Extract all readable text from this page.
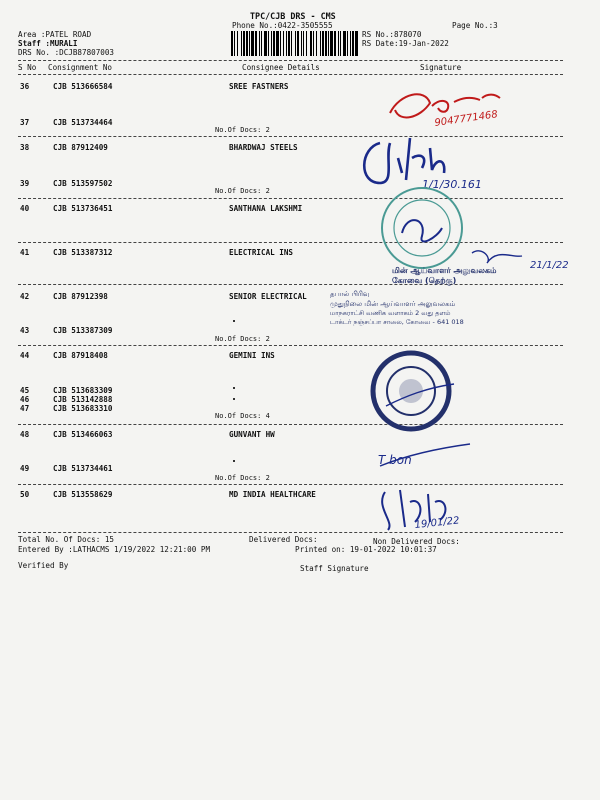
TPC/CJB DRS - CMS
Phone No.:0422-3505555	Page No.:3
Area :PATEL ROAD
Staff :MURALI
DRS No. :DCJB87807003
RS No.:878070
RS Date:19-Jan-2022
S No Consignment No	Consignee Details	Signature
36	CJB 513666584	SREE FASTNERS
37	CJB 513734464
No.Of Docs: 2
38	CJB 87912409	BHARDWAJ STEELS
39	CJB 513597502
No.Of Docs: 2
40	CJB 513736451	SANTHANA LAKSHMI
41	CJB 513387312	ELECTRICAL INS
42	CJB 87912398	SENIOR ELECTRICAL
43	CJB 513387309
No.Of Docs: 2
44	CJB 87918408	GEMINI INS
45	CJB 513683309
46	CJB 513142888
47	CJB 513683310
No.Of Docs: 4
48	CJB 513466063	GUNVANT HW
49	CJB 513734461
No.Of Docs: 2
50	CJB 513558629	MD INDIA HEALTHCARE
Total No. Of Docs: 15	Delivered Docs:	Non Delivered Docs:
Entered By :LATHACMS 1/19/2022 12:21:00 PM	Printed on: 19-01-2022 10:01:37
Verified By	Staff Signature
9047771468
1/1/30.161
21/1/22
மின் ஆய்வாளர் அலுவலகம்
கோவை (தெற்கு)
தபால் பிரிவு
முதுநிலை மின் ஆய்வாளர் அலுவலகம்
மாநகராட்சி வணிக வளாகம் 2 வது தளம்
டாக்டர் நஞ்சப்பா சாலை, கோவை - 641 018
T bon
19/01/22
